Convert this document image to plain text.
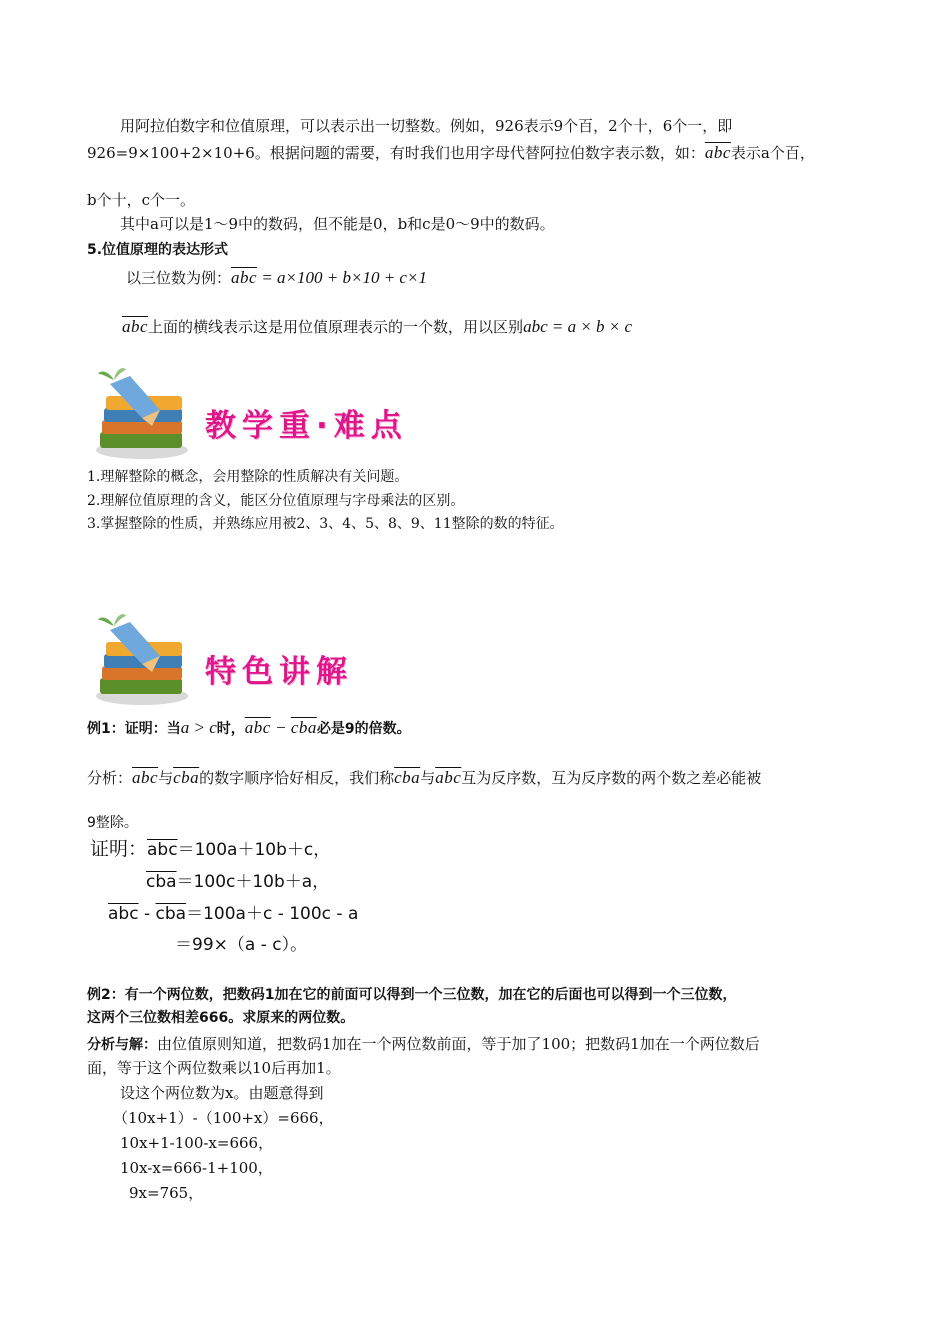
用阿拉伯数字和位值原理，可以表示出一切整数。例如，926表示9个百，2个十，6个一，即
926=9×100+2×10+6。根据问题的需要，有时我们也用字母代替阿拉伯数字表示数，如：$\overline{abc}$表示a个百，
b个十，c个一。
其中a可以是1～9中的数码，但不能是0，b和c是0～9中的数码。
5.位值原理的表达形式
以三位数为例：$\overline{abc} = a\times 100 + b\times 10 + c\times 1$
$\overline{abc}$上面的横线表示这是用位值原理表示的一个数，用以区别abc = a × b × c
教学重·难点
1.理解整除的概念，会用整除的性质解决有关问题。
2.理解位值原理的含义，能区分位值原理与字母乘法的区别。
3.掌握整除的性质，并熟练应用被2、3、4、5、8、9、11整除的数的特征。
特色讲解
例1：证明：当a > c时，$\overline{abc} - \overline{cba}$必是9的倍数。
分析：$\overline{abc}$与$\overline{cba}$的数字顺序恰好相反，我们称$\overline{cba}$与$\overline{abc}$互为反序数，互为反序数的两个数之差必能被
9整除。
证明：$\overline{abc}=100a+10b+c$，
$\overline{cba}=100c+10b+a$，
$\overline{abc} - \overline{cba}=100a+c - 100c - a$
＝99×（a - c）。
例2：有一个两位数，把数码1加在它的前面可以得到一个三位数，加在它的后面也可以得到一个三位数，
这两个三位数相差666。求原来的两位数。
分析与解：由位值原则知道，把数码1加在一个两位数前面，等于加了100；把数码1加在一个两位数后
面，等于这个两位数乘以10后再加1。
设这个两位数为x。由题意得到
（10x+1）-（100+x）=666，
10x+1-100-x=666，
10x-x=666-1+100，
9x=765，
